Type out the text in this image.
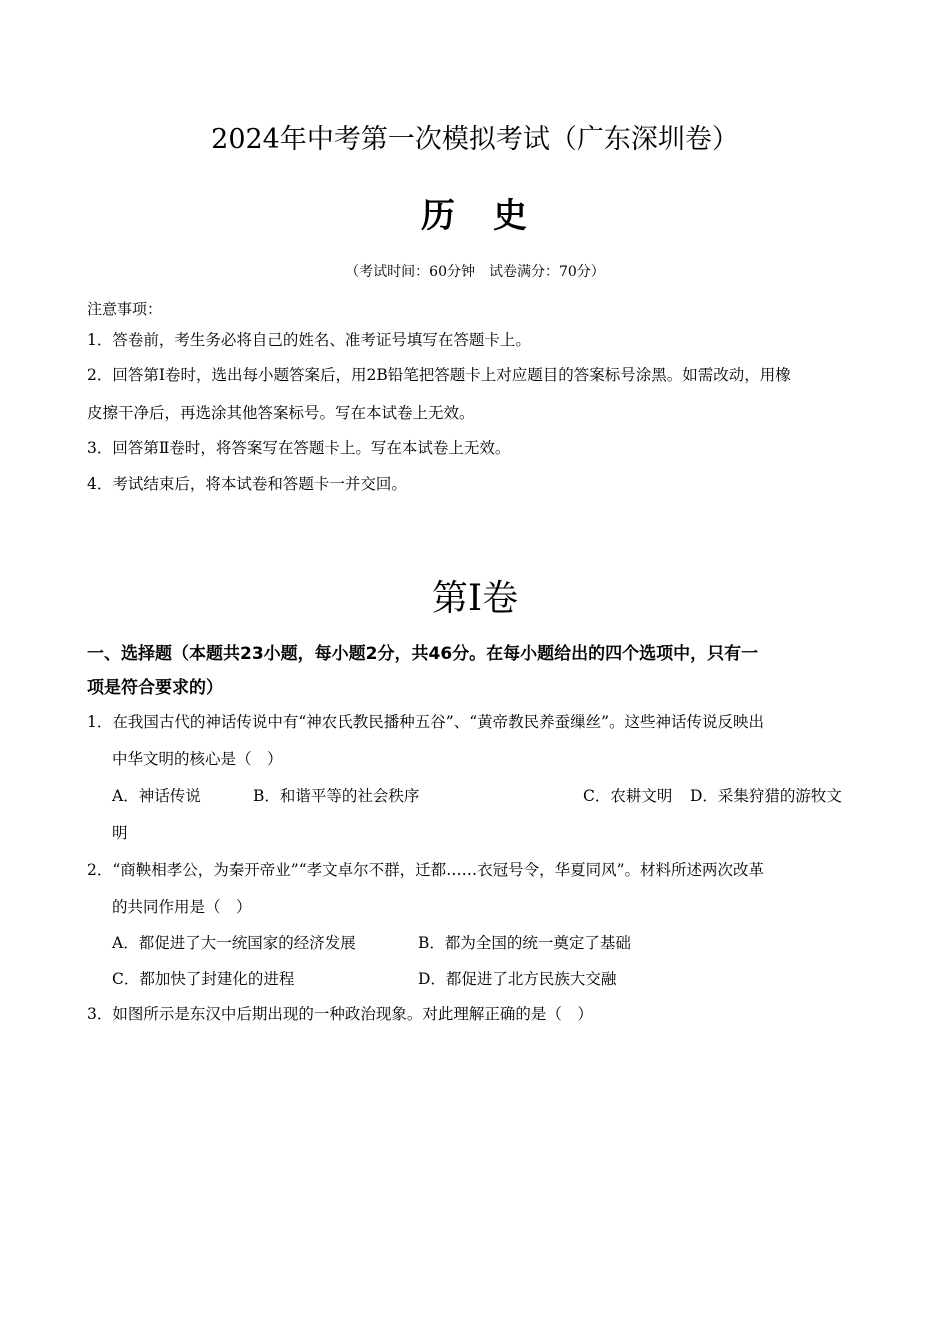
2024年中考第一次模拟考试（广东深圳卷）
历　史
（考试时间：60分钟　试卷满分：70分）
注意事项：
1．答卷前，考生务必将自己的姓名、准考证号填写在答题卡上。
2．回答第Ⅰ卷时，选出每小题答案后，用2B铅笔把答题卡上对应题目的答案标号涂黑。如需改动，用橡
皮擦干净后，再选涂其他答案标号。写在本试卷上无效。
3．回答第Ⅱ卷时，将答案写在答题卡上。写在本试卷上无效。
4．考试结束后，将本试卷和答题卡一并交回。
第Ⅰ卷
一、选择题（本题共23小题，每小题2分，共46分。在每小题给出的四个选项中，只有一
项是符合要求的）
1．在我国古代的神话传说中有“神农氏教民播种五谷”、“黄帝教民养蚕缫丝”。这些神话传说反映出
中华文明的核心是（　）
A．神话传说	B．和谐平等的社会秩序	C．农耕文明 D．采集狩猎的游牧文
明
2．“商鞅相孝公，为秦开帝业”“孝文卓尔不群，迁都……衣冠号令，华夏同风”。材料所述两次改革
的共同作用是（　）
A．都促进了大一统国家的经济发展	B．都为全国的统一奠定了基础
C．都加快了封建化的进程	D．都促进了北方民族大交融
3．如图所示是东汉中后期出现的一种政治现象。对此理解正确的是（　）
